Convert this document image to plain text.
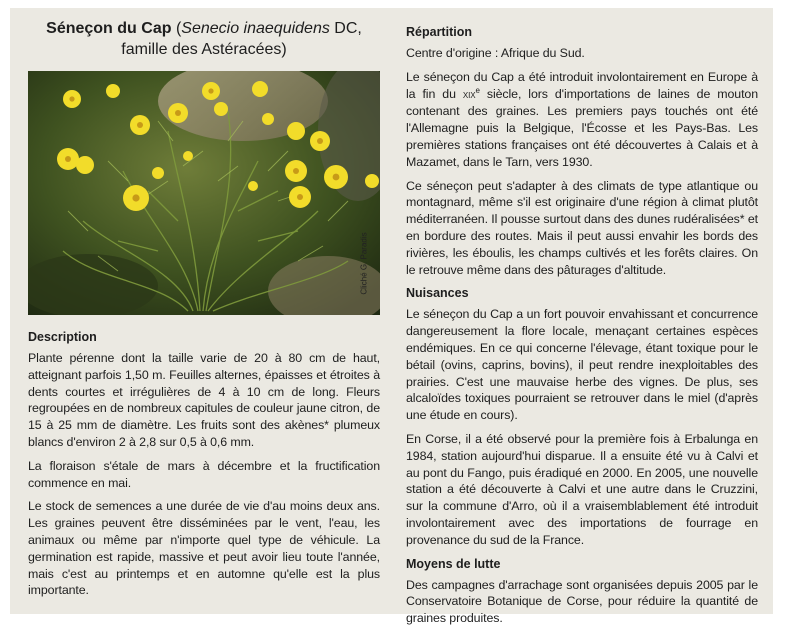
Séneçon du Cap (Senecio inaequidens DC,
famille des Astéracées)
Cliché G. Paradis
Description

Plante pérenne dont la taille varie de 20 à 80 cm de haut, atteignant parfois 1,50 m. Feuilles alternes, épaisses et étroites à dents courtes et irrégulières de 4 à 10 cm de long. Fleurs regroupées en de nombreux capitules de couleur jaune citron, de 15 à 25 mm de diamètre. Les fruits sont des akènes* plumeux blancs d'environ 2 à 2,8 sur 0,5 à 0,6 mm.

La floraison s'étale de mars à décembre et la fructification commence en mai.

Le stock de semences a une durée de vie d'au moins deux ans. Les graines peuvent être disséminées par le vent, l'eau, les animaux ou même par n'importe quel type de véhicule. La germination est rapide, massive et peut avoir lieu toute l'année, mais c'est au printemps et en automne qu'elle est la plus importante.

Répartition

Centre d'origine : Afrique du Sud.

Le séneçon du Cap a été introduit involontairement en Europe à la fin du xix$^e$ siècle, lors d'importations de laines de mouton contenant des graines. Les premiers pays touchés ont été l'Allemagne puis la Belgique, l'Écosse et les Pays-Bas. Les premières stations françaises ont été découvertes à Calais et à Mazamet, dans le Tarn, vers 1930.

Ce séneçon peut s'adapter à des climats de type atlantique ou montagnard, même s'il est originaire d'une région à climat plutôt méditerranéen. Il pousse surtout dans des dunes rudéralisées* et en bordure des routes. Mais il peut aussi envahir les bords des rivières, les éboulis, les champs cultivés et les forêts claires. On le retrouve même dans des pâturages d'altitude.

Nuisances

Le séneçon du Cap a un fort pouvoir envahissant et concurrence dangereusement la flore locale, menaçant certaines espèces endémiques. En ce qui concerne l'élevage, étant toxique pour le bétail (ovins, caprins, bovins), il peut rendre inexploitables des prairies. C'est une mauvaise herbe des vignes. De plus, ses alcaloïdes toxiques pourraient se retrouver dans le miel (d'après une étude en cours).

En Corse, il a été observé pour la première fois à Erbalunga en 1984, station aujourd'hui disparue. Il a ensuite été vu à Calvi et au pont du Fango, puis éradiqué en 2000. En 2005, une nouvelle station a été découverte à Calvi et une autre dans le Cruzzini, sur la commune d'Arro, où il a vraisemblablement été introduit involontairement avec des importations de fourrage en provenance du sud de la France.

Moyens de lutte

Des campagnes d'arrachage sont organisées depuis 2005 par le Conservatoire Botanique de Corse, pour réduire la quantité de graines produites.
